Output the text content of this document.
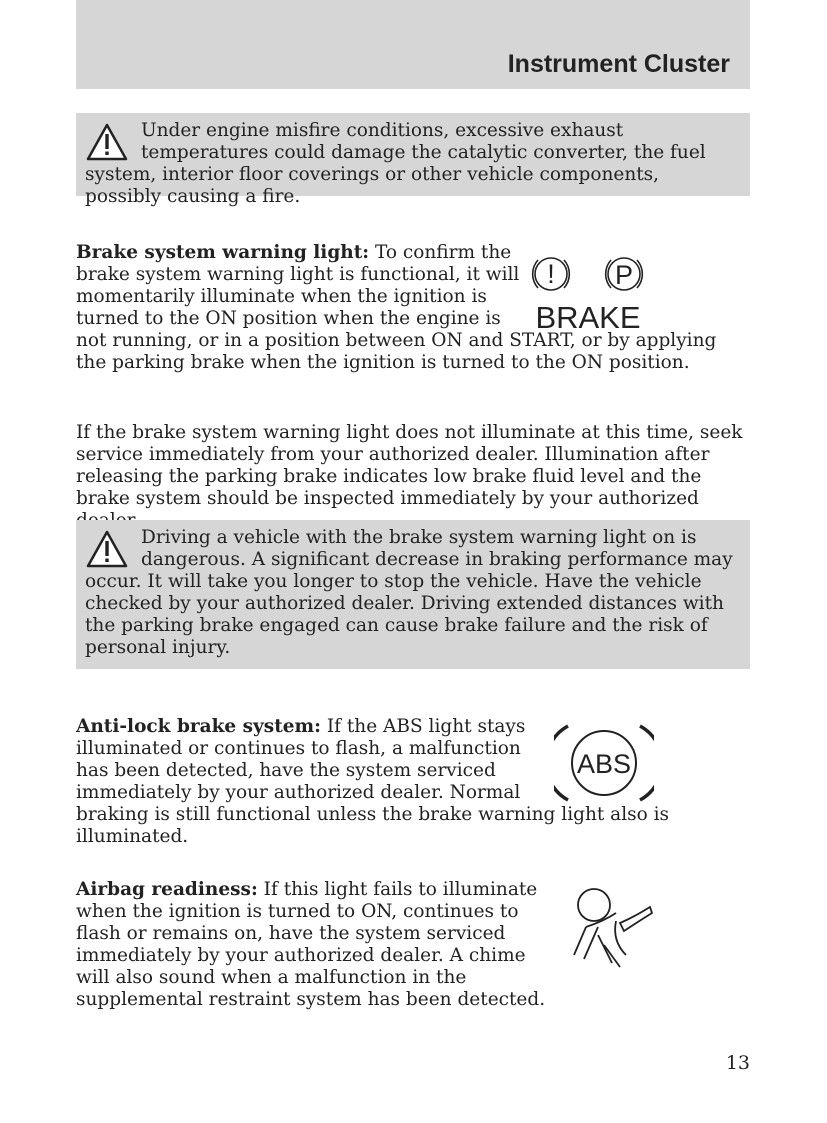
Instrument Cluster

Under engine misfire conditions, excessive exhaust temperatures could damage the catalytic converter, the fuel system, interior floor coverings or other vehicle components, possibly causing a fire.

! P
BRAKE

Brake system warning light: To confirm the brake system warning light is functional, it will momentarily illuminate when the ignition is turned to the ON position when the engine is not running, or in a position between ON and START, or by applying the parking brake when the ignition is turned to the ON position.

If the brake system warning light does not illuminate at this time, seek service immediately from your authorized dealer. Illumination after releasing the parking brake indicates low brake fluid level and the brake system should be inspected immediately by your authorized

Driving a vehicle with the brake system warning light on is dangerous. A significant decrease in braking performance may occur. It will take you longer to stop the vehicle. Have the vehicle checked by your authorized dealer. Driving extended distances with the parking brake engaged can cause brake failure and the risk of personal injury.

ABS

Anti-lock brake system: If the ABS light stays illuminated or continues to flash, a malfunction has been detected, have the system serviced immediately by your authorized dealer. Normal braking is still functional unless the brake warning light also is illuminated.

Airbag readiness: If this light fails to illuminate when the ignition is turned to ON, continues to flash or remains on, have the system serviced immediately by your authorized dealer. A chime will also sound when a malfunction in the supplemental restraint system has been detected.

13
